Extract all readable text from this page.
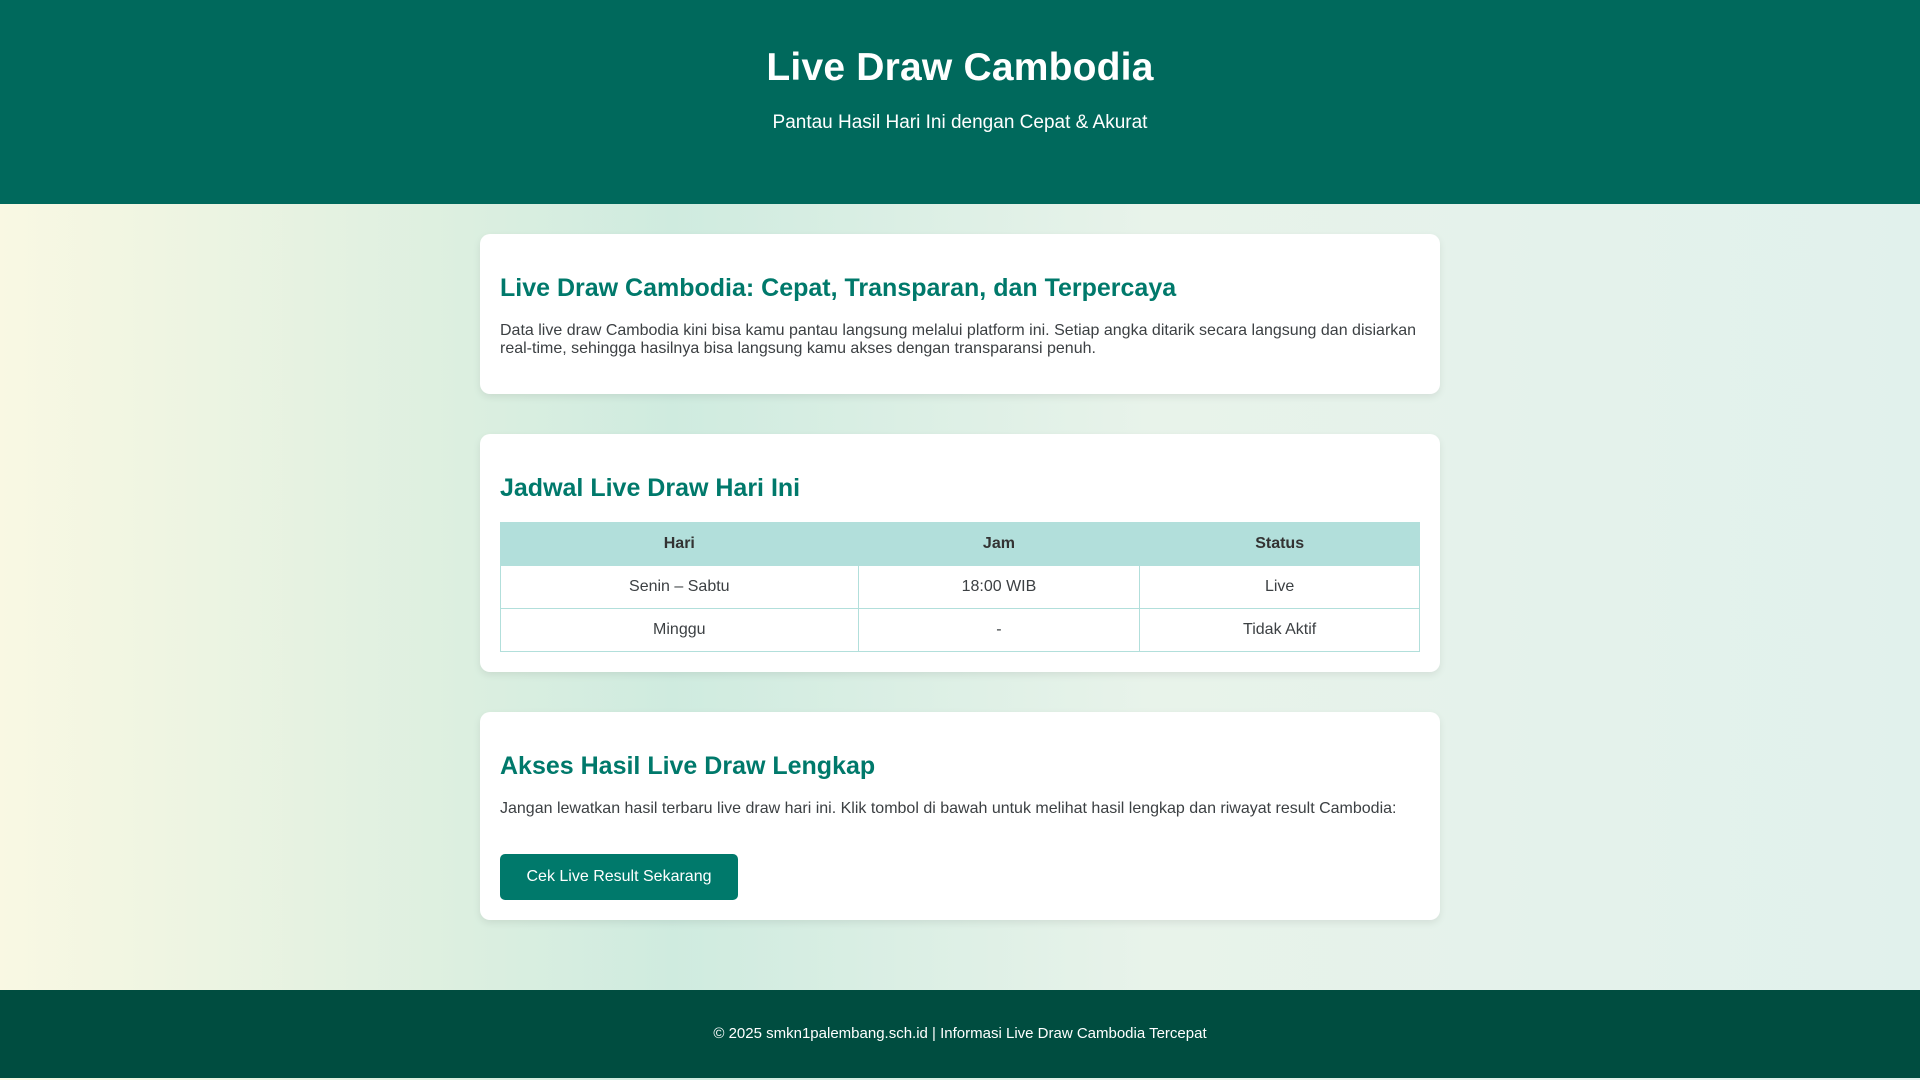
Live Draw Cambodia

Pantau Hasil Hari Ini dengan Cepat & Akurat

Live Draw Cambodia: Cepat, Transparan, dan Terpercaya

Data live draw Cambodia kini bisa kamu pantau langsung melalui platform ini. Setiap angka ditarik secara langsung dan disiarkan real-time, sehingga hasilnya bisa langsung kamu akses dengan transparansi penuh.

Jadwal Live Draw Hari Ini
Hari	Jam	Status
Senin – Sabtu	18:00 WIB	Live
Minggu	-	Tidak Aktif
Akses Hasil Live Draw Lengkap

Jangan lewatkan hasil terbaru live draw hari ini. Klik tombol di bawah untuk melihat hasil lengkap dan riwayat result Cambodia:

Cek Live Result Sekarang
© 2025 smkn1palembang.sch.id | Informasi Live Draw Cambodia Tercepat
